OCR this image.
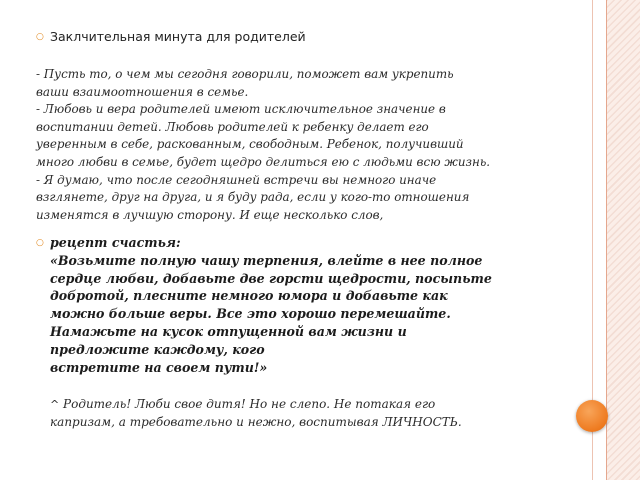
○ Заклчительная минута для родителей

- Пусть то, о чем мы сегодня говорили, поможет вам укрепить

ваши взаимоотношения в семье.

- Любовь и вера родителей имеют исключительное значение в

воспитании детей. Любовь родителей к ребенку делает его

уверенным в себе, раскованным, свободным. Ребенок, получивший

много любви в семье, будет щедро делиться ею с людьми всю жизнь.

- Я думаю, что после сегодняшней встречи вы немного иначе

взглянете, друг на друга, и я буду рада, если у кого-то отношения

изменятся в лучшую сторону. И еще несколько слов,

○ рецепт счастья:

«Возьмите полную чашу терпения, влейте в нее полное

сердце любви, добавьте две горсти щедрости, посыпьте

добротой, плесните немного юмора и добавьте как

можно больше веры. Все это хорошо перемешайте.

Намажьте на кусок отпущенной вам жизни и

предложите каждому, кого

встретите на своем пути!»

^ Родитель! Люби свое дитя! Но не слепо. Не потакая его
капризам, а требовательно и нежно, воспитывая ЛИЧНОСТЬ.
